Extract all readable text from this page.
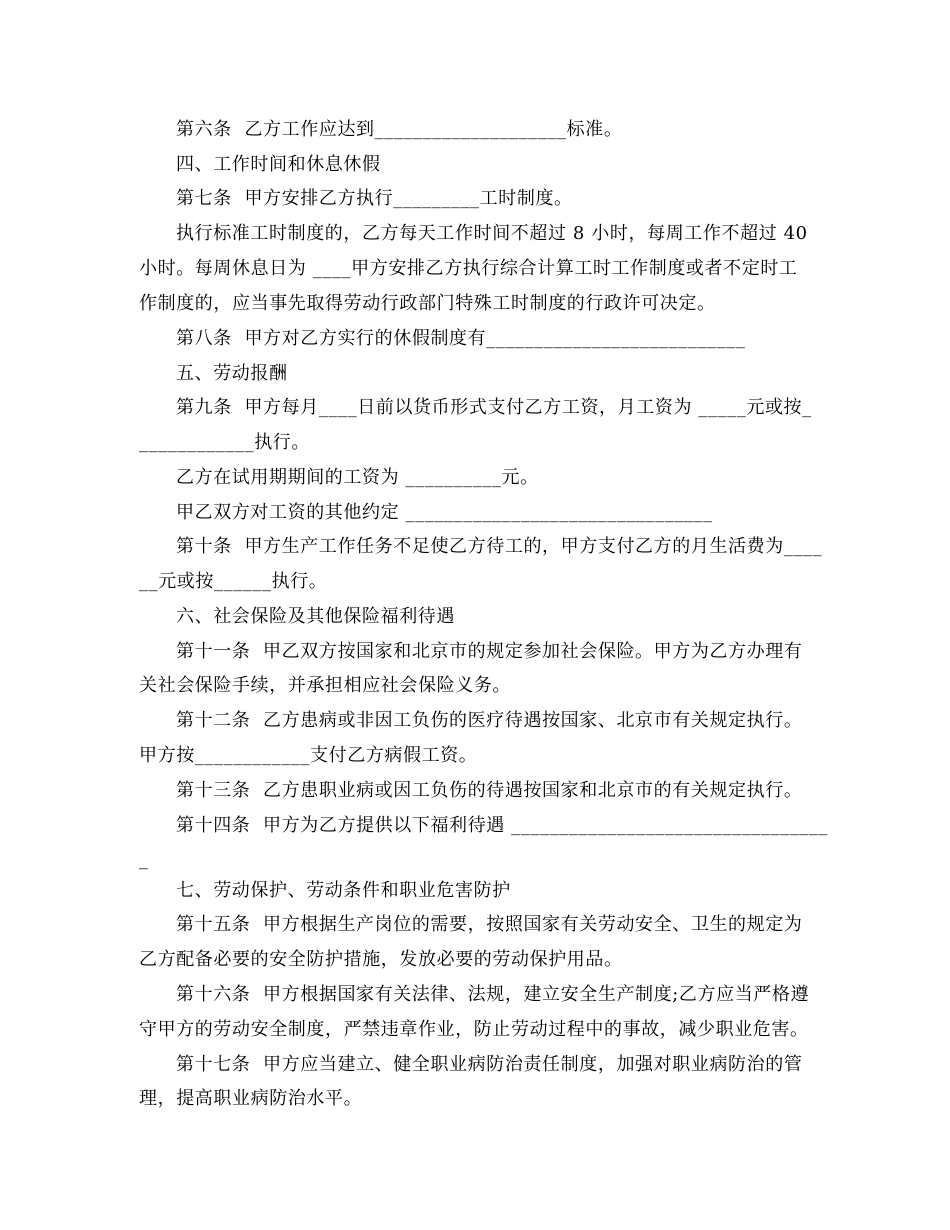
第六条  乙方工作应达到____________________标准。
四、工作时间和休息休假
第七条  甲方安排乙方执行_________工时制度。
执行标准工时制度的，乙方每天工作时间不超过 8 小时，每周工作不超过 40
小时。每周休息日为 ____甲方安排乙方执行综合计算工时工作制度或者不定时工
作制度的，应当事先取得劳动行政部门特殊工时制度的行政许可决定。
第八条  甲方对乙方实行的休假制度有___________________________
五、劳动报酬
第九条  甲方每月____日前以货币形式支付乙方工资，月工资为 _____元或按_
____________执行。
乙方在试用期期间的工资为 __________元。
甲乙双方对工资的其他约定 ________________________________
第十条  甲方生产工作任务不足使乙方待工的，甲方支付乙方的月生活费为____
__元或按______执行。
六、社会保险及其他保险福利待遇
第十一条  甲乙双方按国家和北京市的规定参加社会保险。甲方为乙方办理有
关社会保险手续，并承担相应社会保险义务。
第十二条  乙方患病或非因工负伤的医疗待遇按国家、北京市有关规定执行。
甲方按____________支付乙方病假工资。
第十三条  乙方患职业病或因工负伤的待遇按国家和北京市的有关规定执行。
第十四条  甲方为乙方提供以下福利待遇 _________________________________
_
七、劳动保护、劳动条件和职业危害防护
第十五条  甲方根据生产岗位的需要，按照国家有关劳动安全、卫生的规定为
乙方配备必要的安全防护措施，发放必要的劳动保护用品。
第十六条  甲方根据国家有关法律、法规，建立安全生产制度;乙方应当严格遵
守甲方的劳动安全制度，严禁违章作业，防止劳动过程中的事故，减少职业危害。
第十七条  甲方应当建立、健全职业病防治责任制度，加强对职业病防治的管
理，提高职业病防治水平。
